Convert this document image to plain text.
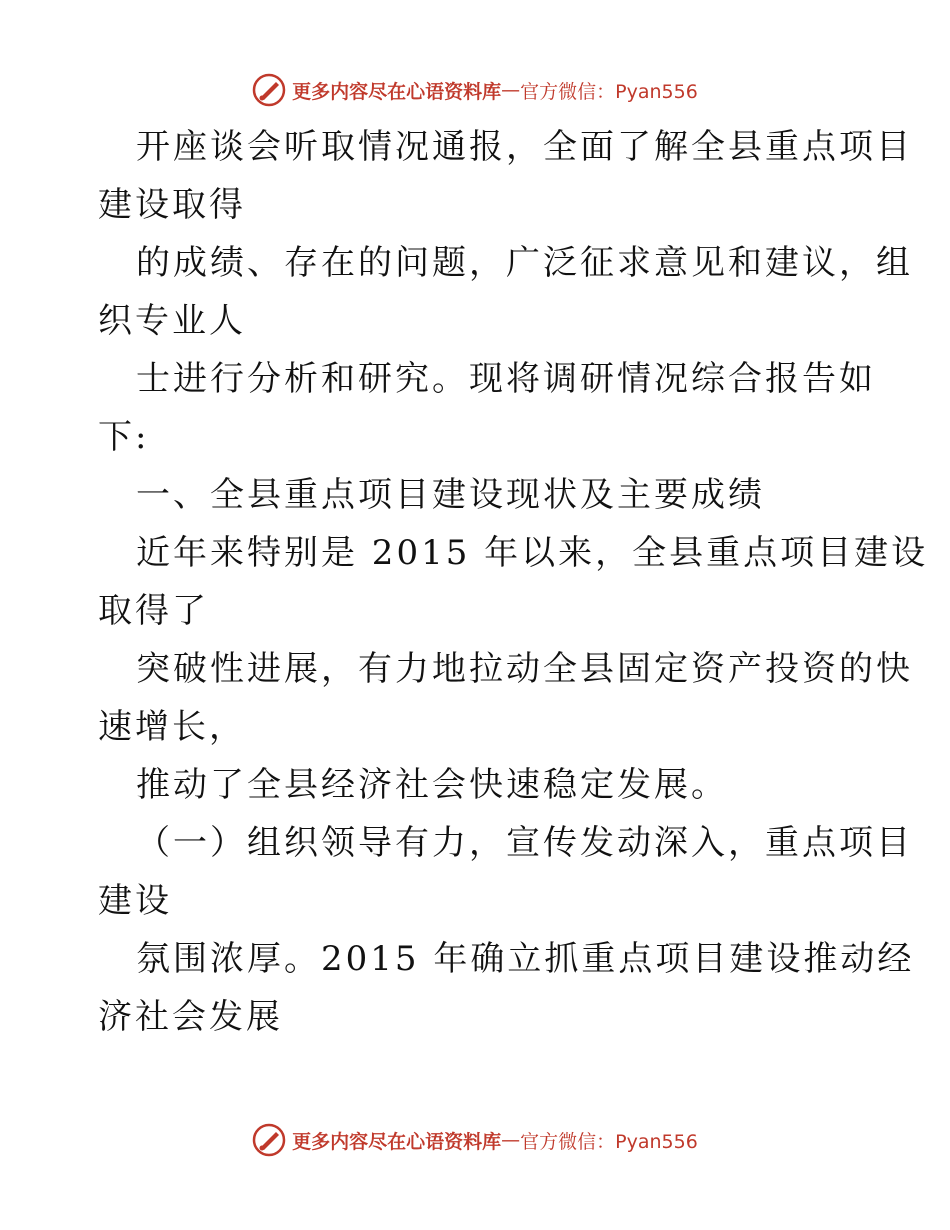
更多内容尽在心语资料库 — 官方微信：Pyan556
开座谈会听取情况通报，全面了解全县重点项目
建设取得
的成绩、存在的问题，广泛征求意见和建议，组
织专业人
士进行分析和研究。现将调研情况综合报告如
下:
一、全县重点项目建设现状及主要成绩
近年来特别是 2015 年以来，全县重点项目建设
取得了
突破性进展，有力地拉动全县固定资产投资的快
速增长，
推动了全县经济社会快速稳定发展。
（一）组织领导有力，宣传发动深入，重点项目
建设
氛围浓厚。2015 年确立抓重点项目建设推动经
济社会发展
更多内容尽在心语资料库 — 官方微信：Pyan556
